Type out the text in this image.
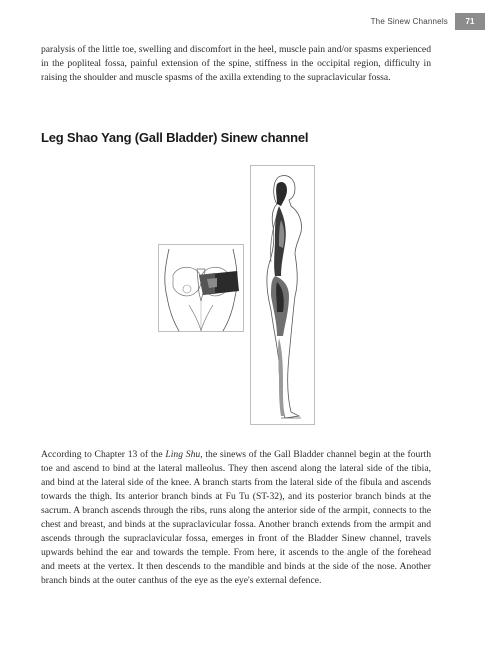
The Sinew Channels	71

paralysis of the little toe, swelling and discomfort in the heel, muscle pain and/or spasms experienced in the popliteal fossa, painful extension of the spine, stiffness in the occipital region, difficulty in raising the shoulder and muscle spasms of the axilla extending to the supraclavicular fossa.

Leg Shao Yang (Gall Bladder) Sinew channel

According to Chapter 13 of the Ling Shu, the sinews of the Gall Bladder channel begin at the fourth toe and ascend to bind at the lateral malleolus. They then ascend along the lateral side of the tibia, and bind at the lateral side of the knee. A branch starts from the lateral side of the fibula and ascends towards the thigh. Its anterior branch binds at Fu Tu (ST-32), and its posterior branch binds at the sacrum. A branch ascends through the ribs, runs along the anterior side of the armpit, connects to the chest and breast, and binds at the supraclavicular fossa. Another branch extends from the armpit and ascends through the supraclavicular fossa, emerges in front of the Bladder Sinew channel, travels upwards behind the ear and towards the temple. From here, it ascends to the angle of the forehead and meets at the vertex. It then descends to the mandible and binds at the side of the nose. Another branch binds at the outer canthus of the eye as the eye's external defence.
